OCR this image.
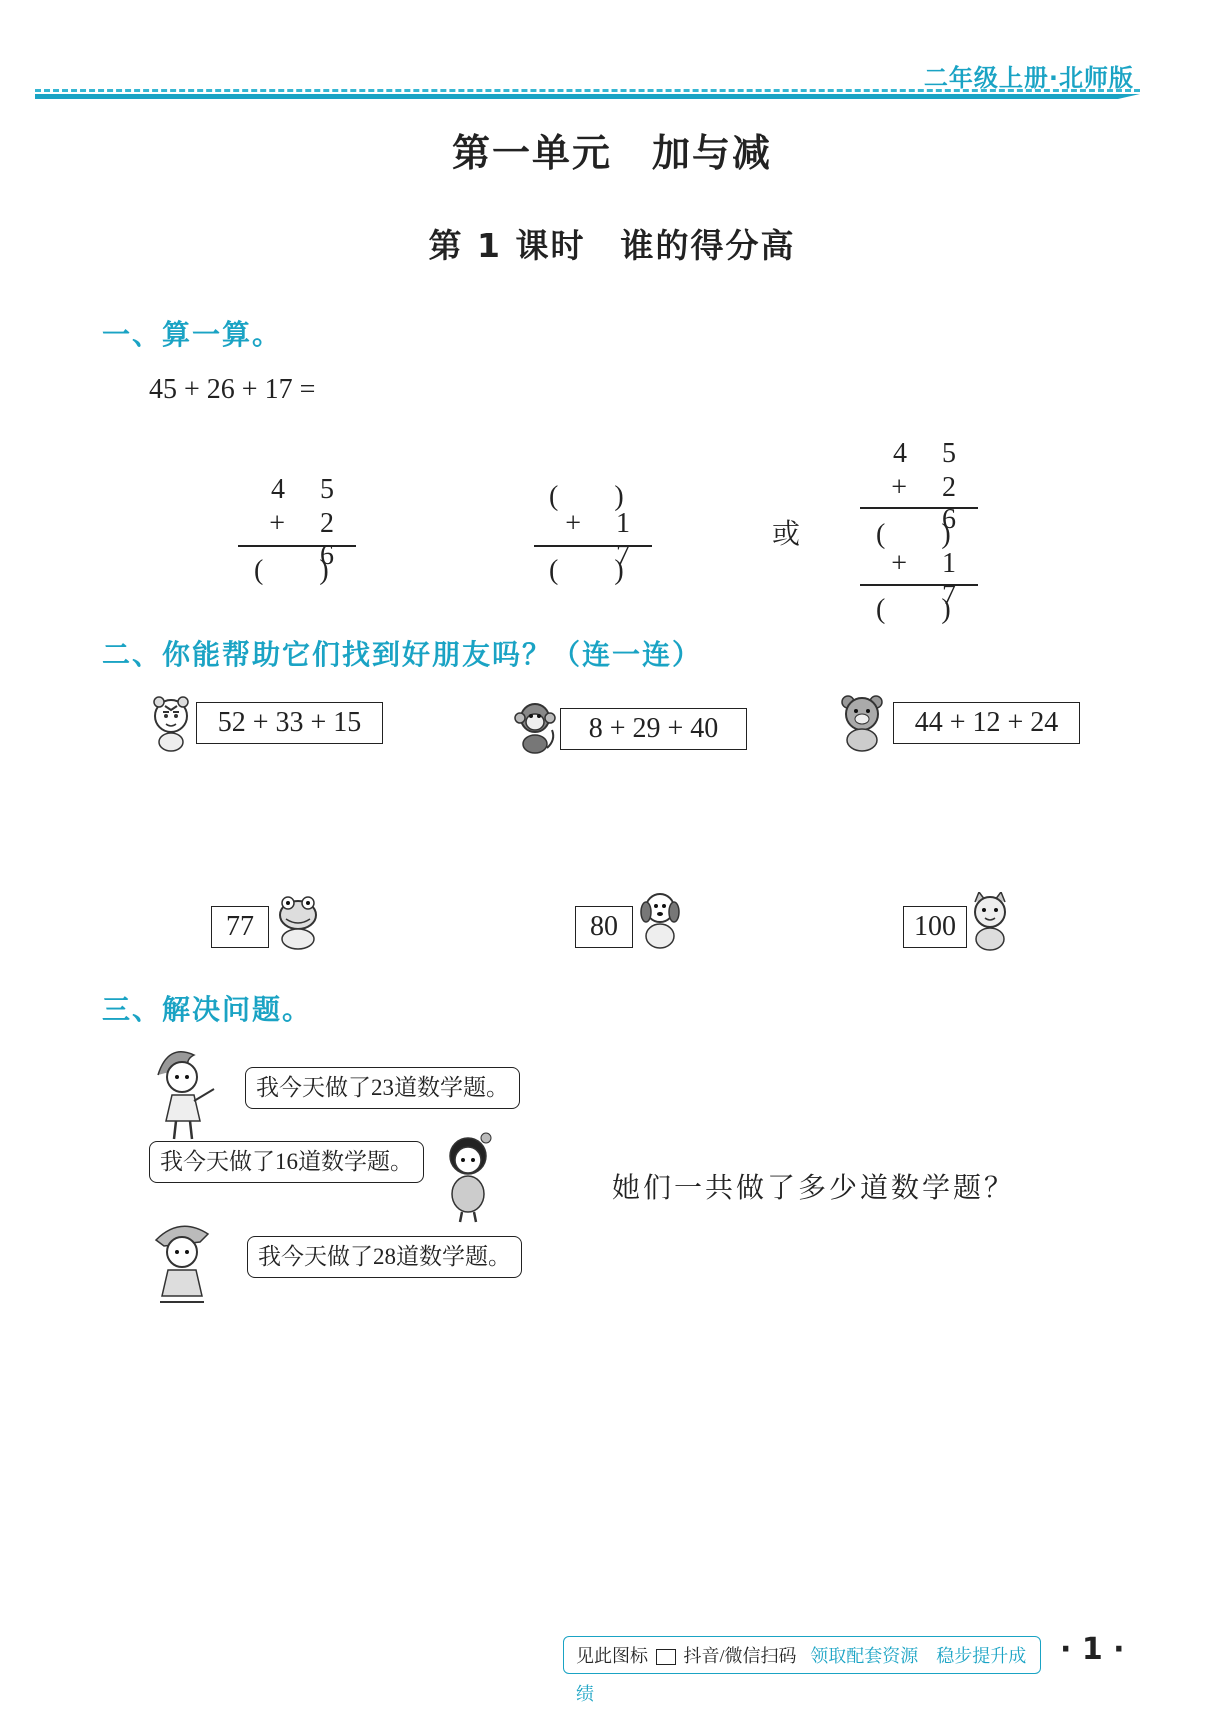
二年级上册·北师版
第一单元　加与减
第 1 课时　谁的得分高
一、算一算。
45 + 26 + 17 =
4 5
+ 2 6
(　　)
(　　)
+ 1 7
(　　)
或
4 5
+ 2 6
(　　)
+ 1 7
(　　)
二、你能帮助它们找到好朋友吗？（连一连）
52 + 33 + 15	8 + 29 + 40	44 + 12 + 24
77	80	100
三、解决问题。
我今天做了23道数学题。
我今天做了16道数学题。
我今天做了28道数学题。
她们一共做了多少道数学题？
见此图标 抖音/微信扫码 领取配套资源　稳步提升成绩
· 1 ·
